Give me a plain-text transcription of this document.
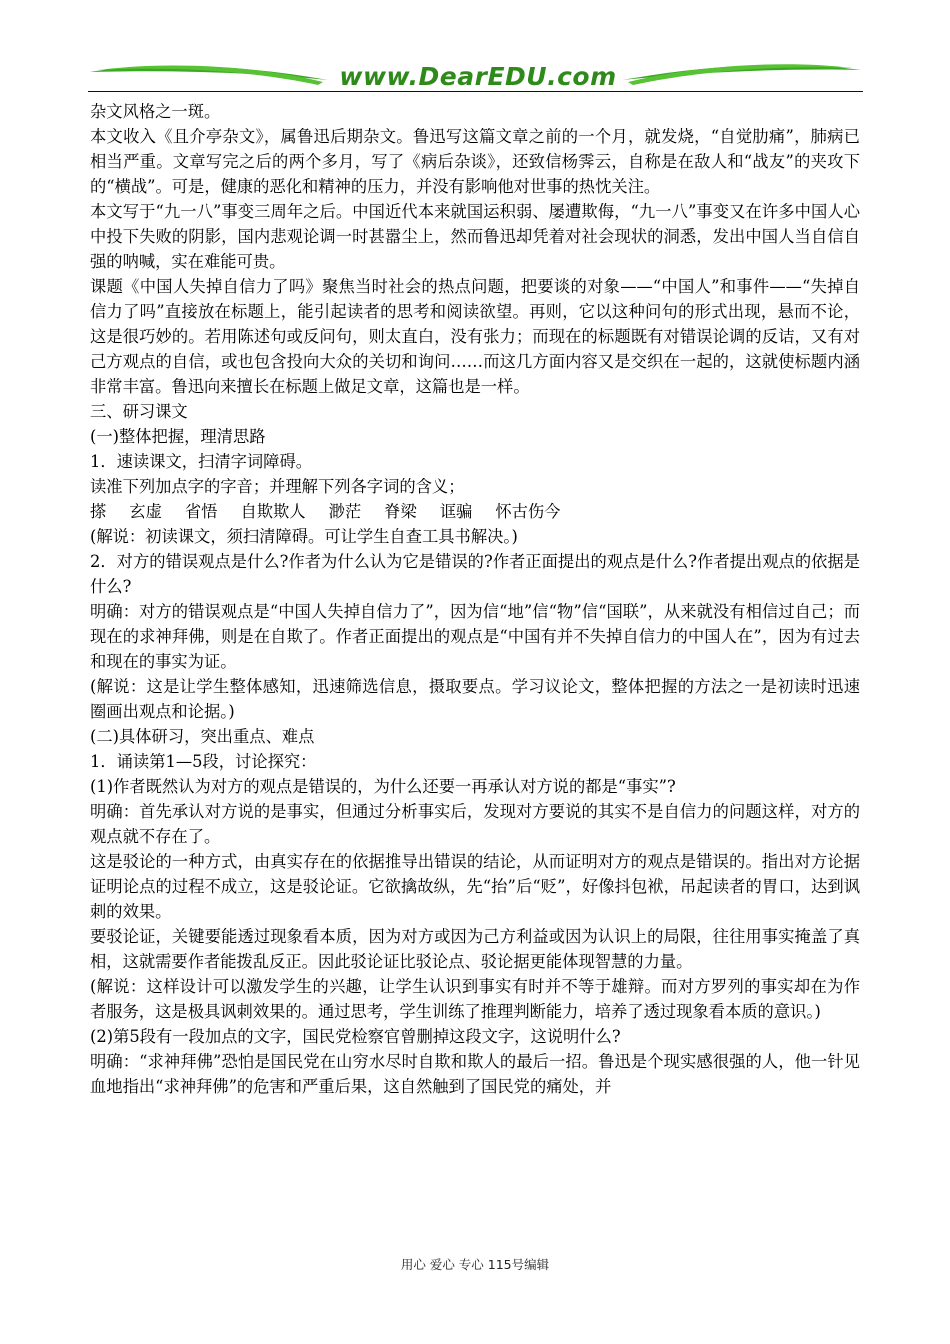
www.DearEDU.com

杂文风格之一斑。

本文收入《且介亭杂文》，属鲁迅后期杂文。鲁迅写这篇文章之前的一个月，就发烧，“自觉肋痛”，肺病已相当严重。文章写完之后的两个多月，写了《病后杂谈》，还致信杨霁云，自称是在敌人和“战友”的夹攻下的“横战”。可是，健康的恶化和精神的压力，并没有影响他对世事的热忱关注。

本文写于“九一八”事变三周年之后。中国近代本来就国运积弱、屡遭欺侮，“九一八”事变又在许多中国人心中投下失败的阴影，国内悲观论调一时甚嚣尘上，然而鲁迅却凭着对社会现状的洞悉，发出中国人当自信自强的呐喊，实在难能可贵。

课题《中国人失掉自信力了吗》聚焦当时社会的热点问题，把要谈的对象——“中国人”和事件——“失掉自信力了吗”直接放在标题上，能引起读者的思考和阅读欲望。再则，它以这种问句的形式出现，悬而不论，这是很巧妙的。若用陈述句或反问句，则太直白，没有张力；而现在的标题既有对错误论调的反诘，又有对己方观点的自信，或也包含投向大众的关切和询问……而这几方面内容又是交织在一起的，这就使标题内涵非常丰富。鲁迅向来擅长在标题上做足文章，这篇也是一样。

三、研习课文

(一)整体把握，理清思路

1．速读课文，扫清字词障碍。

读准下列加点字的字音；并理解下列各字词的含义；

搽 玄虚 省悟 自欺欺人 渺茫 脊梁 诓骗 怀古伤今

(解说：初读课文，须扫清障碍。可让学生自查工具书解决。)

2．对方的错误观点是什么?作者为什么认为它是错误的?作者正面提出的观点是什么?作者提出观点的依据是什么?

明确：对方的错误观点是“中国人失掉自信力了”，因为信“地”信“物”信“国联”，从来就没有相信过自己；而现在的求神拜佛，则是在自欺了。作者正面提出的观点是“中国有并不失掉自信力的中国人在”，因为有过去和现在的事实为证。

(解说：这是让学生整体感知，迅速筛选信息，摄取要点。学习议论文，整体把握的方法之一是初读时迅速圈画出观点和论据。)

(二)具体研习，突出重点、难点

1．诵读第1—5段，讨论探究：

(1)作者既然认为对方的观点是错误的，为什么还要一再承认对方说的都是“事实”?

明确：首先承认对方说的是事实，但通过分析事实后，发现对方要说的其实不是自信力的问题这样，对方的观点就不存在了。

这是驳论的一种方式，由真实存在的依据推导出错误的结论，从而证明对方的观点是错误的。指出对方论据证明论点的过程不成立，这是驳论证。它欲擒故纵，先“抬”后“贬”，好像抖包袱，吊起读者的胃口，达到讽刺的效果。

要驳论证，关键要能透过现象看本质，因为对方或因为己方利益或因为认识上的局限，往往用事实掩盖了真相，这就需要作者能拨乱反正。因此驳论证比驳论点、驳论据更能体现智慧的力量。

(解说：这样设计可以激发学生的兴趣，让学生认识到事实有时并不等于雄辩。而对方罗列的事实却在为作者服务，这是极具讽刺效果的。通过思考，学生训练了推理判断能力，培养了透过现象看本质的意识。)

(2)第5段有一段加点的文字，国民党检察官曾删掉这段文字，这说明什么?

明确：“求神拜佛”恐怕是国民党在山穷水尽时自欺和欺人的最后一招。鲁迅是个现实感很强的人，他一针见血地指出“求神拜佛”的危害和严重后果，这自然触到了国民党的痛处，并

用心 爱心 专心 115号编辑
